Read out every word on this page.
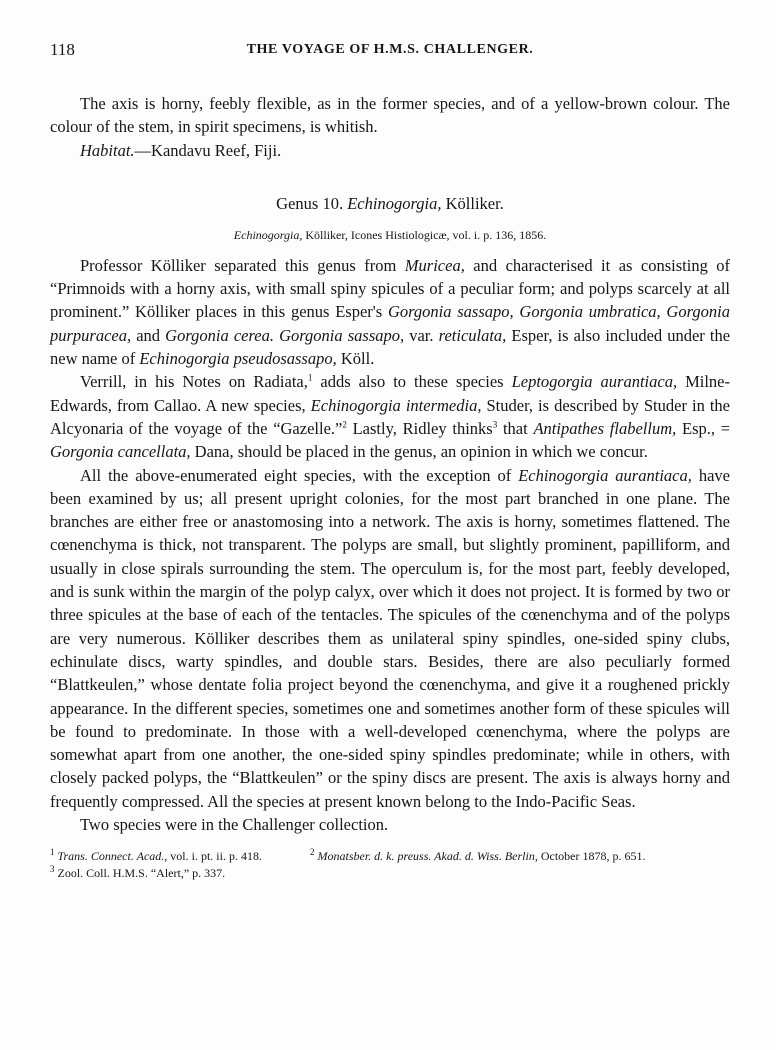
118	THE VOYAGE OF H.M.S. CHALLENGER.

The axis is horny, feebly flexible, as in the former species, and of a yellow-brown colour. The colour of the stem, in spirit specimens, is whitish.

Habitat.—Kandavu Reef, Fiji.

Genus 10. Echinogorgia, Kölliker.
Echinogorgia, Kölliker, Icones Histiologicæ, vol. i. p. 136, 1856.

Professor Kölliker separated this genus from Muricea, and characterised it as consisting of “Primnoids with a horny axis, with small spiny spicules of a peculiar form; and polyps scarcely at all prominent.” Kölliker places in this genus Esper's Gorgonia sassapo, Gorgonia umbratica, Gorgonia purpuracea, and Gorgonia cerea. Gorgonia sassapo, var. reticulata, Esper, is also included under the new name of Echinogorgia pseudosassapo, Köll.

Verrill, in his Notes on Radiata,$^1$ adds also to these species Leptogorgia aurantiaca, Milne-Edwards, from Callao. A new species, Echinogorgia intermedia, Studer, is described by Studer in the Alcyonaria of the voyage of the “Gazelle.”$^2$ Lastly, Ridley thinks$^3$ that Antipathes flabellum, Esp., = Gorgonia cancellata, Dana, should be placed in the genus, an opinion in which we concur.

All the above-enumerated eight species, with the exception of Echinogorgia aurantiaca, have been examined by us; all present upright colonies, for the most part branched in one plane. The branches are either free or anastomosing into a network. The axis is horny, sometimes flattened. The cœnenchyma is thick, not transparent. The polyps are small, but slightly prominent, papilliform, and usually in close spirals surrounding the stem. The operculum is, for the most part, feebly developed, and is sunk within the margin of the polyp calyx, over which it does not project. It is formed by two or three spicules at the base of each of the tentacles. The spicules of the cœnenchyma and of the polyps are very numerous. Kölliker describes them as unilateral spiny spindles, one-sided spiny clubs, echinulate discs, warty spindles, and double stars. Besides, there are also peculiarly formed “Blattkeulen,” whose dentate folia project beyond the cœnenchyma, and give it a roughened prickly appearance. In the different species, sometimes one and sometimes another form of these spicules will be found to predominate. In those with a well-developed cœnenchyma, where the polyps are somewhat apart from one another, the one-sided spiny spindles predominate; while in others, with closely packed polyps, the “Blattkeulen” or the spiny discs are present. The axis is always horny and frequently compressed. All the species at present known belong to the Indo-Pacific Seas.

Two species were in the Challenger collection.

$^1$ Trans. Connect. Acad., vol. i. pt. ii. p. 418.	$^2$ Monatsber. d. k. preuss. Akad. d. Wiss. Berlin, October 1878, p. 651.
$^3$ Zool. Coll. H.M.S. “Alert,” p. 337.
